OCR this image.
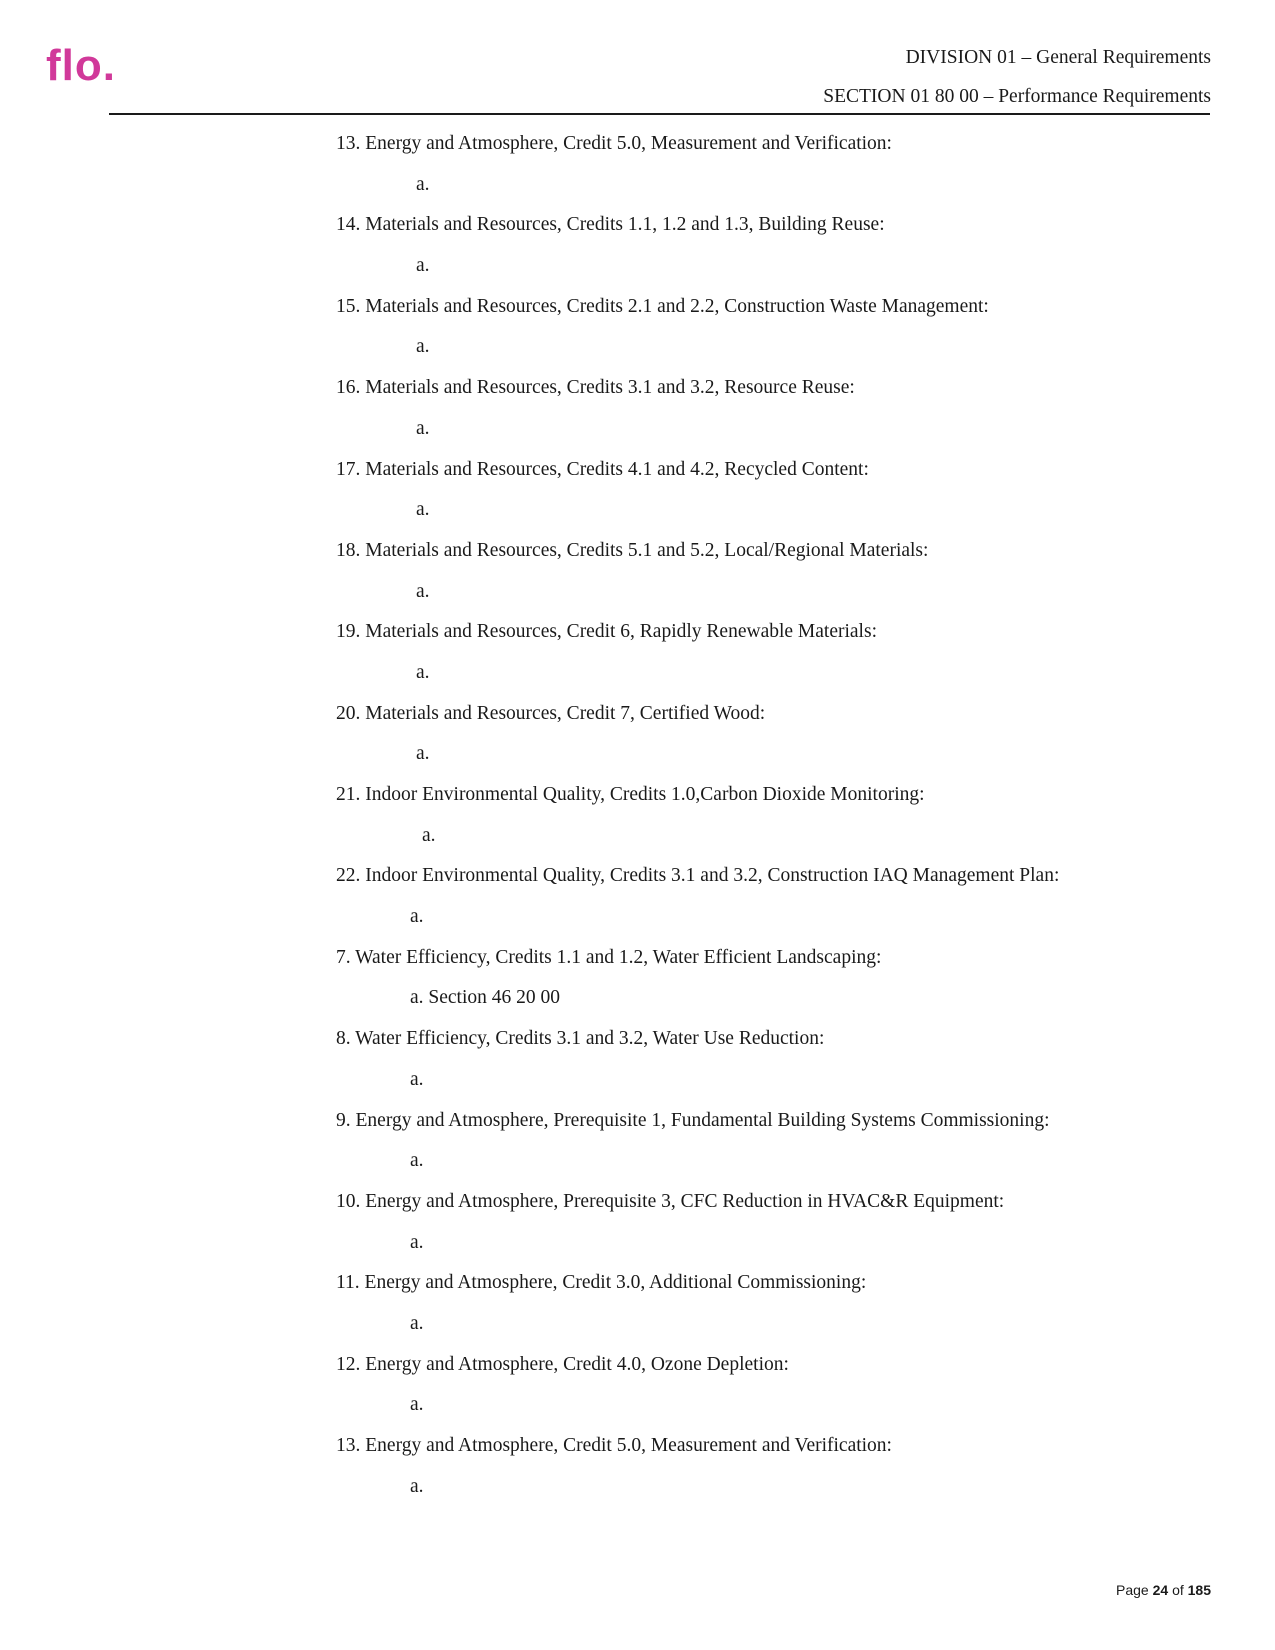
flo.	DIVISION 01 – General Requirements
SECTION 01 80 00 – Performance Requirements
13. Energy and Atmosphere, Credit 5.0, Measurement and Verification:
a.
14. Materials and Resources, Credits 1.1, 1.2 and 1.3, Building Reuse:
a.
15. Materials and Resources, Credits 2.1 and 2.2, Construction Waste Management:
a.
16. Materials and Resources, Credits 3.1 and 3.2, Resource Reuse:
a.
17. Materials and Resources, Credits 4.1 and 4.2, Recycled Content:
a.
18. Materials and Resources, Credits 5.1 and 5.2, Local/Regional Materials:
a.
19. Materials and Resources, Credit 6, Rapidly Renewable Materials:
a.
20. Materials and Resources, Credit 7, Certified Wood:
a.
21. Indoor Environmental Quality, Credits 1.0,Carbon Dioxide Monitoring:
a.
22. Indoor Environmental Quality, Credits 3.1 and 3.2, Construction IAQ Management Plan:
a.
7. Water Efficiency, Credits 1.1 and 1.2, Water Efficient Landscaping:
a. Section 46 20 00
8. Water Efficiency, Credits 3.1 and 3.2, Water Use Reduction:
a.
9. Energy and Atmosphere, Prerequisite 1, Fundamental Building Systems Commissioning:
a.
10. Energy and Atmosphere, Prerequisite 3, CFC Reduction in HVAC&R Equipment:
a.
11. Energy and Atmosphere, Credit 3.0, Additional Commissioning:
a.
12. Energy and Atmosphere, Credit 4.0, Ozone Depletion:
a.
13. Energy and Atmosphere, Credit 5.0, Measurement and Verification:
a.
Page 24 of 185
